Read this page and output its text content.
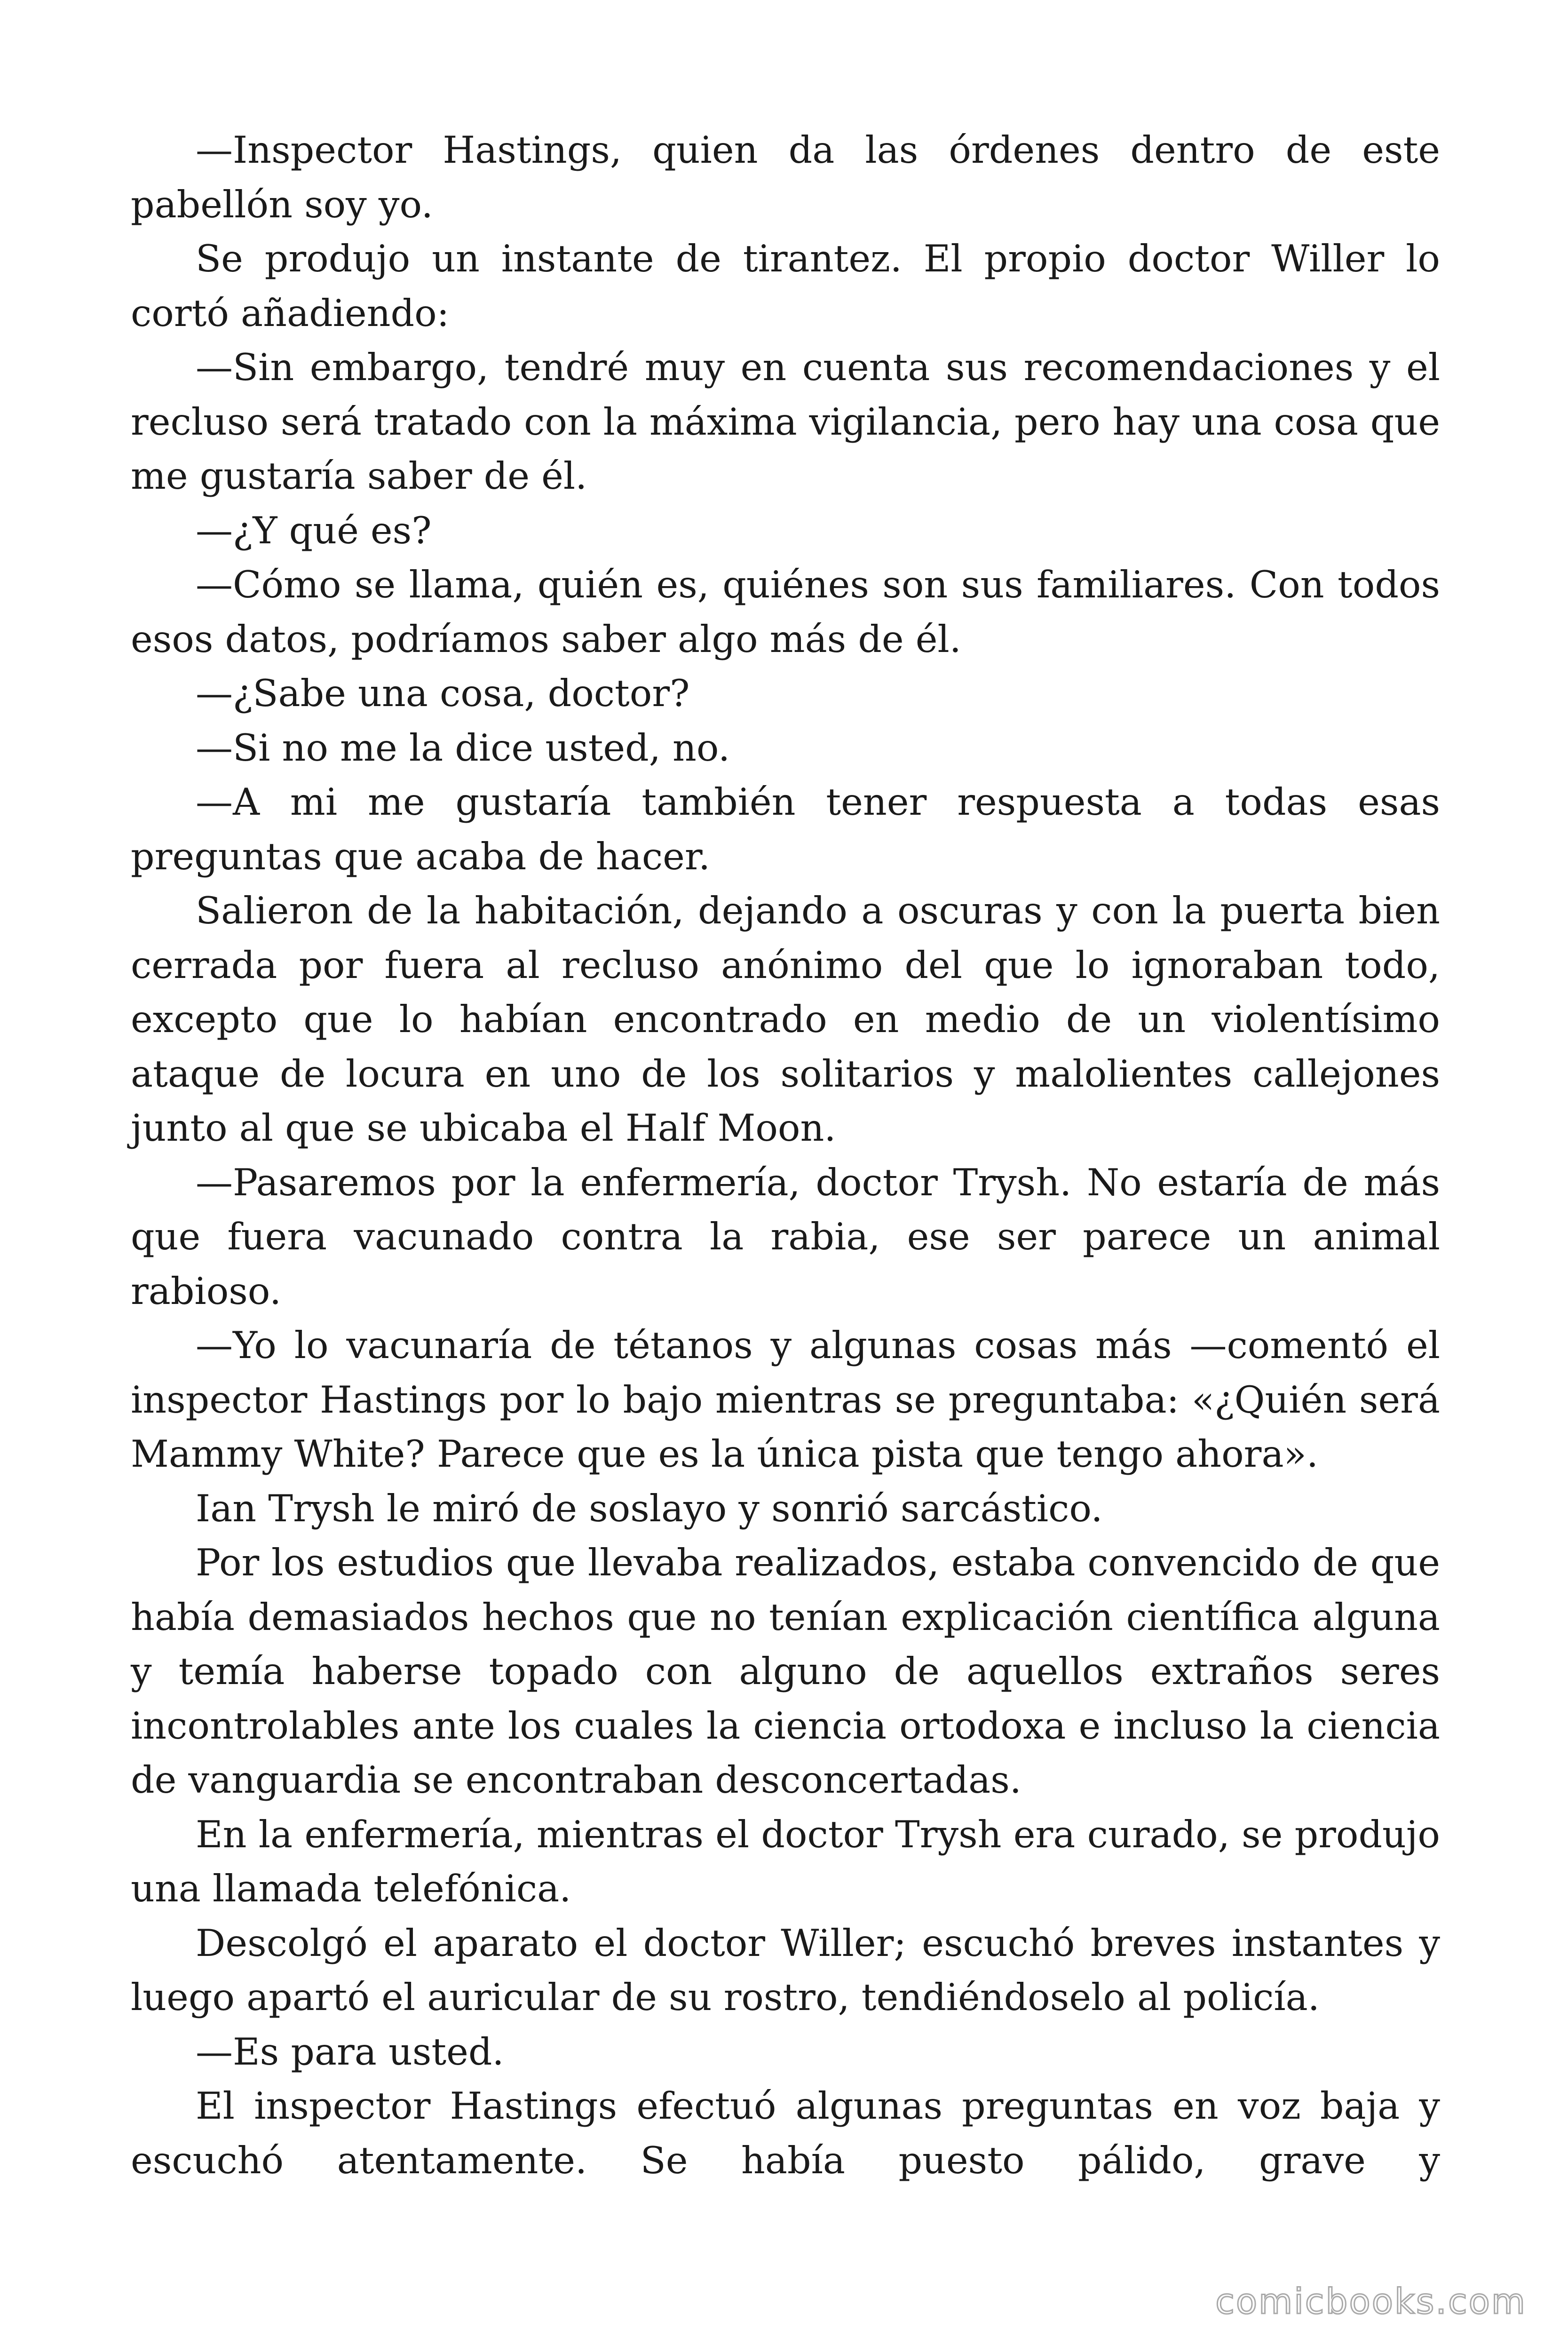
—Inspector Hastings, quien da las órdenes dentro de este pabellón soy yo.

Se produjo un instante de tirantez. El propio doctor Willer lo cortó añadiendo:

—Sin embargo, tendré muy en cuenta sus recomendaciones y el recluso será tratado con la máxima vigilancia, pero hay una cosa que me gustaría saber de él.

—¿Y qué es?

—Cómo se llama, quién es, quiénes son sus familiares. Con todos esos datos, podríamos saber algo más de él.

—¿Sabe una cosa, doctor?

—Si no me la dice usted, no.

—A mi me gustaría también tener respuesta a todas esas preguntas que acaba de hacer.

Salieron de la habitación, dejando a oscuras y con la puerta bien cerrada por fuera al recluso anónimo del que lo ignoraban todo, excepto que lo habían encontrado en medio de un violentísimo ataque de locura en uno de los solitarios y malolientes callejones junto al que se ubicaba el Half Moon.

—Pasaremos por la enfermería, doctor Trysh. No estaría de más que fuera vacunado contra la rabia, ese ser parece un animal rabioso.

—Yo lo vacunaría de tétanos y algunas cosas más —comentó el inspector Hastings por lo bajo mientras se preguntaba: «¿Quién será Mammy White? Parece que es la única pista que tengo ahora».

Ian Trysh le miró de soslayo y sonrió sarcástico.

Por los estudios que llevaba realizados, estaba convencido de que había demasiados hechos que no tenían explicación científica alguna y temía haberse topado con alguno de aquellos extraños seres incontrolables ante los cuales la ciencia ortodoxa e incluso la ciencia de vanguardia se encontraban desconcertadas.

En la enfermería, mientras el doctor Trysh era curado, se produjo una llamada telefónica.

Descolgó el aparato el doctor Willer; escuchó breves instantes y luego apartó el auricular de su rostro, tendiéndoselo al policía.

—Es para usted.

El inspector Hastings efectuó algunas preguntas en voz baja y escuchó atentamente. Se había puesto pálido, grave y

comicbooks.com
